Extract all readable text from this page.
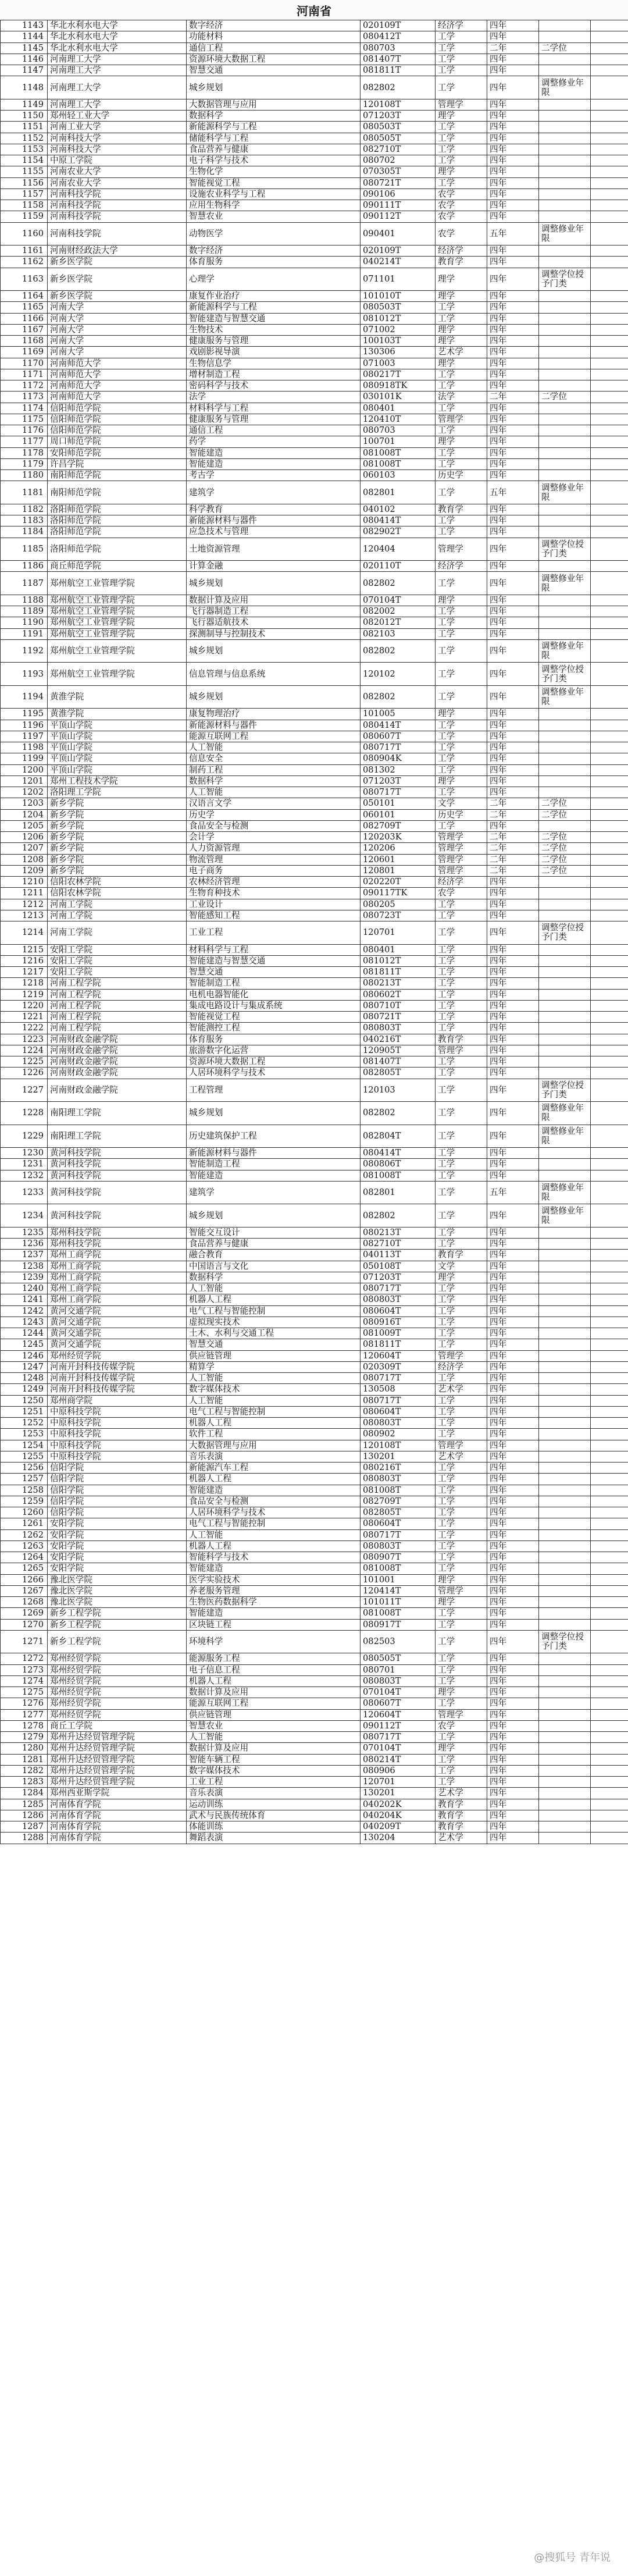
河南省
1143	华北水利水电大学	数字经济	020109T	经济学	四年		
1144	华北水利水电大学	功能材料	080412T	工学	四年		
1145	华北水利水电大学	通信工程	080703	工学	二年	二学位	
1146	河南理工大学	资源环境大数据工程	081407T	工学	四年		
1147	河南理工大学	智慧交通	081811T	工学	四年		
1148	河南理工大学	城乡规划	082802	工学	四年	调整修业年限	
1149	河南理工大学	大数据管理与应用	120108T	管理学	四年		
1150	郑州轻工业大学	数据科学	071203T	理学	四年		
1151	河南工业大学	新能源科学与工程	080503T	工学	四年		
1152	河南科技大学	储能科学与工程	080505T	工学	四年		
1153	河南科技大学	食品营养与健康	082710T	工学	四年		
1154	中原工学院	电子科学与技术	080702	工学	四年		
1155	河南农业大学	生物化学	070305T	理学	四年		
1156	河南农业大学	智能视觉工程	080721T	工学	四年		
1157	河南科技学院	设施农业科学与工程	090106	农学	四年		
1158	河南科技学院	应用生物科学	090111T	农学	四年		
1159	河南科技学院	智慧农业	090112T	农学	四年		
1160	河南科技学院	动物医学	090401	农学	五年	调整修业年限	
1161	河南财经政法大学	数字经济	020109T	经济学	四年		
1162	新乡医学院	体育服务	040214T	教育学	四年		
1163	新乡医学院	心理学	071101	理学	四年	调整学位授予门类	
1164	新乡医学院	康复作业治疗	101010T	理学	四年		
1165	河南大学	新能源科学与工程	080503T	工学	四年		
1166	河南大学	智能建造与智慧交通	081012T	工学	四年		
1167	河南大学	生物技术	071002	理学	四年		
1168	河南大学	健康服务与管理	100103T	理学	四年		
1169	河南大学	戏剧影视导演	130306	艺术学	四年		
1170	河南师范大学	生物信息学	071003	理学	四年		
1171	河南师范大学	增材制造工程	080217T	工学	四年		
1172	河南师范大学	密码科学与技术	080918TK	工学	四年		
1173	河南师范大学	法学	030101K	法学	二年	二学位	
1174	信阳师范学院	材料科学与工程	080401	工学	四年		
1175	信阳师范学院	健康服务与管理	120410T	管理学	四年		
1176	信阳师范学院	通信工程	080703	工学	四年		
1177	周口师范学院	药学	100701	理学	四年		
1178	安阳师范学院	智能建造	081008T	工学	四年		
1179	许昌学院	智能建造	081008T	工学	四年		
1180	南阳师范学院	考古学	060103	历史学	四年		
1181	南阳师范学院	建筑学	082801	工学	五年	调整修业年限	
1182	洛阳师范学院	科学教育	040102	教育学	四年		
1183	洛阳师范学院	新能源材料与器件	080414T	工学	四年		
1184	洛阳师范学院	应急技术与管理	082902T	工学	四年		
1185	洛阳师范学院	土地资源管理	120404	管理学	四年	调整学位授予门类	
1186	商丘师范学院	计算金融	020110T	经济学	四年		
1187	郑州航空工业管理学院	城乡规划	082802	工学	四年	调整修业年限	
1188	郑州航空工业管理学院	数据计算及应用	070104T	理学	四年		
1189	郑州航空工业管理学院	飞行器制造工程	082002	工学	四年		
1190	郑州航空工业管理学院	飞行器适航技术	082012T	工学	四年		
1191	郑州航空工业管理学院	探测制导与控制技术	082103	工学	四年		
1192	郑州航空工业管理学院	城乡规划	082802	工学	四年	调整修业年限	
1193	郑州航空工业管理学院	信息管理与信息系统	120102	工学	四年	调整学位授予门类	
1194	黄淮学院	城乡规划	082802	工学	四年	调整修业年限	
1195	黄淮学院	康复物理治疗	101005	理学	四年		
1196	平顶山学院	新能源材料与器件	080414T	工学	四年		
1197	平顶山学院	能源互联网工程	080607T	工学	四年		
1198	平顶山学院	人工智能	080717T	工学	四年		
1199	平顶山学院	信息安全	080904K	工学	四年		
1200	平顶山学院	制药工程	081302	工学	四年		
1201	郑州工程技术学院	数据科学	071203T	理学	四年		
1202	洛阳理工学院	人工智能	080717T	工学	四年		
1203	新乡学院	汉语言文学	050101	文学	二年	二学位	
1204	新乡学院	历史学	060101	历史学	二年	二学位	
1205	新乡学院	食品安全与检测	082709T	工学	四年		
1206	新乡学院	会计学	120203K	管理学	二年	二学位	
1207	新乡学院	人力资源管理	120206	管理学	二年	二学位	
1208	新乡学院	物流管理	120601	管理学	二年	二学位	
1209	新乡学院	电子商务	120801	管理学	二年	二学位	
1210	信阳农林学院	农林经济管理	020220T	经济学	四年		
1211	信阳农林学院	生物育种技术	090117TK	农学	四年		
1212	河南工学院	工业设计	080205	工学	四年		
1213	河南工学院	智能感知工程	080723T	工学	四年		
1214	河南工学院	工业工程	120701	工学	四年	调整学位授予门类	
1215	安阳工学院	材料科学与工程	080401	工学	四年		
1216	安阳工学院	智能建造与智慧交通	081012T	工学	四年		
1217	安阳工学院	智慧交通	081811T	工学	四年		
1218	河南工程学院	智能制造工程	080213T	工学	四年		
1219	河南工程学院	电机电器智能化	080602T	工学	四年		
1220	河南工程学院	集成电路设计与集成系统	080710T	工学	四年		
1221	河南工程学院	智能视觉工程	080721T	工学	四年		
1222	河南工程学院	智能测控工程	080803T	工学	四年		
1223	河南财政金融学院	体育服务	040216T	教育学	四年		
1224	河南财政金融学院	旅游数字化运营	120905T	管理学	四年		
1225	河南财政金融学院	资源环境大数据工程	081407T	工学	四年		
1226	河南财政金融学院	人居环境科学与技术	082805T	工学	四年		
1227	河南财政金融学院	工程管理	120103	工学	四年	调整学位授予门类	
1228	南阳理工学院	城乡规划	082802	工学	四年	调整修业年限	
1229	南阳理工学院	历史建筑保护工程	082804T	工学	四年	调整修业年限	
1230	黄河科技学院	新能源材料与器件	080414T	工学	四年		
1231	黄河科技学院	智能制造工程	080806T	工学	四年		
1232	黄河科技学院	智能建造	081008T	工学	四年		
1233	黄河科技学院	建筑学	082801	工学	五年	调整修业年限	
1234	黄河科技学院	城乡规划	082802	工学	四年	调整修业年限	
1235	郑州科技学院	智能交互设计	080213T	工学	四年		
1236	郑州科技学院	食品营养与健康	082710T	工学	四年		
1237	郑州工商学院	融合教育	040113T	教育学	四年		
1238	郑州工商学院	中国语言与文化	050108T	文学	四年		
1239	郑州工商学院	数据科学	071203T	理学	四年		
1240	郑州工商学院	人工智能	080717T	工学	四年		
1241	郑州工商学院	机器人工程	080803T	工学	四年		
1242	黄河交通学院	电气工程与智能控制	080604T	工学	四年		
1243	黄河交通学院	虚拟现实技术	080916T	工学	四年		
1244	黄河交通学院	土木、水利与交通工程	081009T	工学	四年		
1245	黄河交通学院	智慧交通	081811T	工学	四年		
1246	郑州经贸学院	供应链管理	120604T	管理学	四年		
1247	河南开封科技传媒学院	精算学	020309T	经济学	四年		
1248	河南开封科技传媒学院	人工智能	080717T	工学	四年		
1249	河南开封科技传媒学院	数字媒体技术	130508	艺术学	四年		
1250	郑州商学院	人工智能	080717T	工学	四年		
1251	中原科技学院	电气工程与智能控制	080604T	工学	四年		
1252	中原科技学院	机器人工程	080803T	工学	四年		
1253	中原科技学院	软件工程	080902	工学	四年		
1254	中原科技学院	大数据管理与应用	120108T	管理学	四年		
1255	中原科技学院	音乐表演	130201	艺术学	四年		
1256	信阳学院	新能源汽车工程	080216T	工学	四年		
1257	信阳学院	机器人工程	080803T	工学	四年		
1258	信阳学院	智能建造	081008T	工学	四年		
1259	信阳学院	食品安全与检测	082709T	工学	四年		
1260	信阳学院	人居环境科学与技术	082805T	工学	四年		
1261	安阳学院	电气工程与智能控制	080604T	工学	四年		
1262	安阳学院	人工智能	080717T	工学	四年		
1263	安阳学院	机器人工程	080803T	工学	四年		
1264	安阳学院	智能科学与技术	080907T	工学	四年		
1265	安阳学院	智能建造	081008T	工学	四年		
1266	豫北医学院	医学实验技术	101001	理学	四年		
1267	豫北医学院	养老服务管理	120414T	管理学	四年		
1268	豫北医学院	生物医药数据科学	101011T	理学	四年		
1269	新乡工程学院	智能建造	081008T	工学	四年		
1270	新乡工程学院	区块链工程	080917T	工学	四年		
1271	新乡工程学院	环境科学	082503	工学	四年	调整学位授予门类	
1272	郑州经贸学院	能源服务工程	080505T	工学	四年		
1273	郑州经贸学院	电子信息工程	080701	工学	四年		
1274	郑州经贸学院	机器人工程	080803T	工学	四年		
1275	郑州经贸学院	数据计算及应用	070104T	理学	四年		
1276	郑州经贸学院	能源互联网工程	080607T	工学	四年		
1277	郑州经贸学院	供应链管理	120604T	管理学	四年		
1278	商丘工学院	智慧农业	090112T	农学	四年		
1279	郑州升达经贸管理学院	人工智能	080717T	工学	四年		
1280	郑州升达经贸管理学院	数据计算及应用	070104T	理学	四年		
1281	郑州升达经贸管理学院	智能车辆工程	080214T	工学	四年		
1282	郑州升达经贸管理学院	数字媒体技术	080906	工学	四年		
1283	郑州升达经贸管理学院	工业工程	120701	工学	四年		
1284	郑州西亚斯学院	音乐表演	130201	艺术学	四年		
1285	河南体育学院	运动训练	040202K	教育学	四年		
1286	河南体育学院	武术与民族传统体育	040204K	教育学	四年		
1287	河南体育学院	体能训练	040209T	教育学	四年		
1288	河南体育学院	舞蹈表演	130204	艺术学	四年		
@搜狐号 青年说
